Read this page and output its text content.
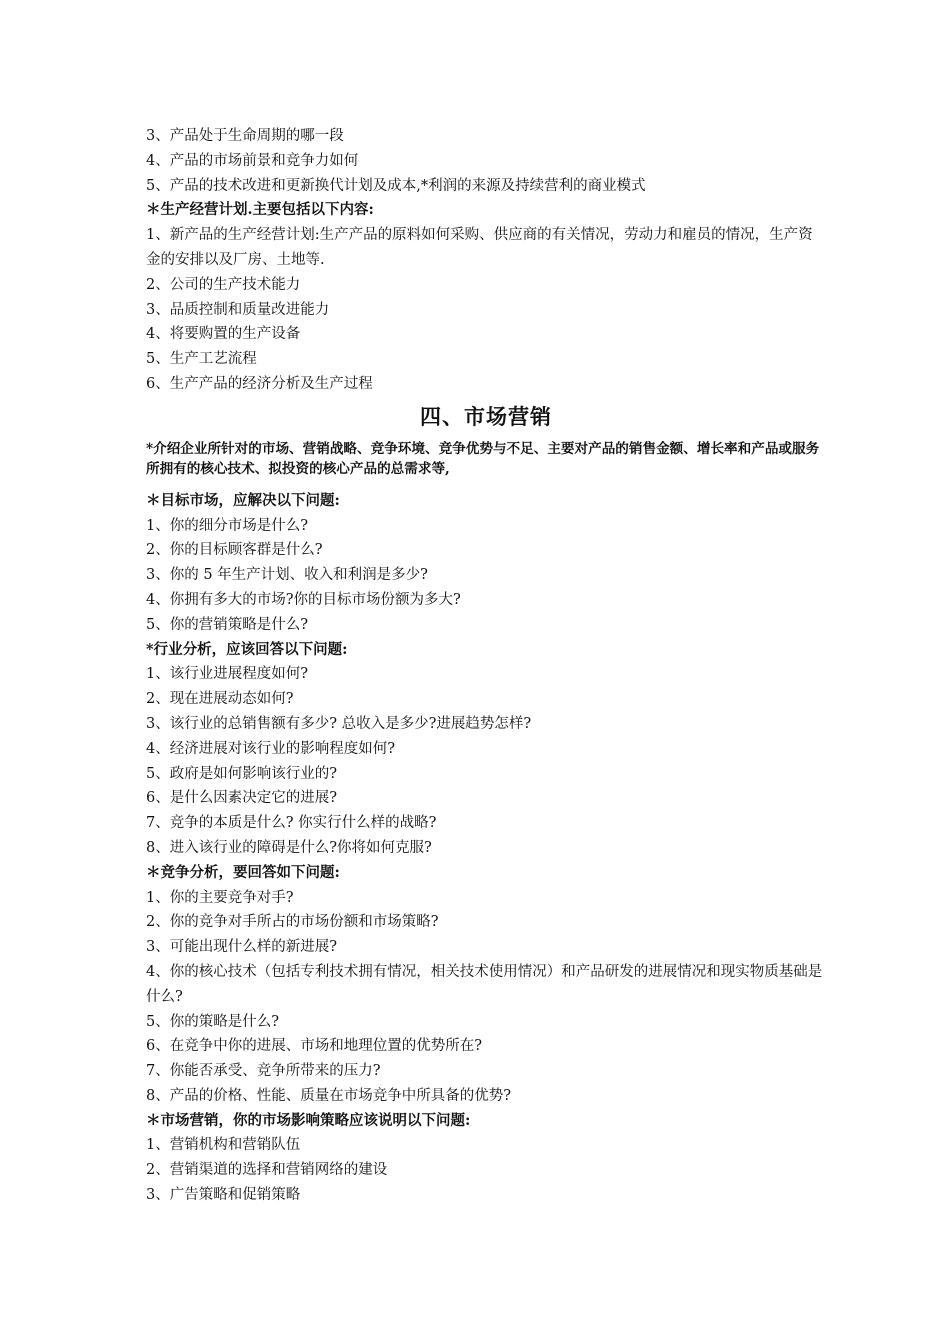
3、产品处于生命周期的哪一段
4、产品的市场前景和竞争力如何
5、产品的技术改进和更新换代计划及成本,*利润的来源及持续营利的商业模式
＊生产经营计划.主要包括以下内容:
1、新产品的生产经营计划:生产产品的原料如何采购、供应商的有关情况，劳动力和雇员的情况，生产资金的安排以及厂房、土地等.
2、公司的生产技术能力
3、品质控制和质量改进能力
4、将要购置的生产设备
5、生产工艺流程
6、生产产品的经济分析及生产过程
四、市场营销
*介绍企业所针对的市场、营销战略、竞争环境、竞争优势与不足、主要对产品的销售金额、增长率和产品或服务所拥有的核心技术、拟投资的核心产品的总需求等,
＊目标市场，应解决以下问题:
1、你的细分市场是什么?
2、你的目标顾客群是什么?
3、你的 5 年生产计划、收入和利润是多少?
4、你拥有多大的市场?你的目标市场份额为多大?
5、你的营销策略是什么?
*行业分析，应该回答以下问题:
1、该行业进展程度如何?
2、现在进展动态如何?
3、该行业的总销售额有多少? 总收入是多少?进展趋势怎样?
4、经济进展对该行业的影响程度如何?
5、政府是如何影响该行业的?
6、是什么因素决定它的进展?
7、竞争的本质是什么? 你实行什么样的战略?
8、进入该行业的障碍是什么?你将如何克服?
＊竞争分析，要回答如下问题:
1、你的主要竞争对手?
2、你的竞争对手所占的市场份额和市场策略?
3、可能出现什么样的新进展?
4、你的核心技术（包括专利技术拥有情况，相关技术使用情况）和产品研发的进展情况和现实物质基础是什么?
5、你的策略是什么?
6、在竞争中你的进展、市场和地理位置的优势所在?
7、你能否承受、竞争所带来的压力?
8、产品的价格、性能、质量在市场竞争中所具备的优势?
＊市场营销，你的市场影响策略应该说明以下问题:
1、营销机构和营销队伍
2、营销渠道的选择和营销网络的建设
3、广告策略和促销策略
